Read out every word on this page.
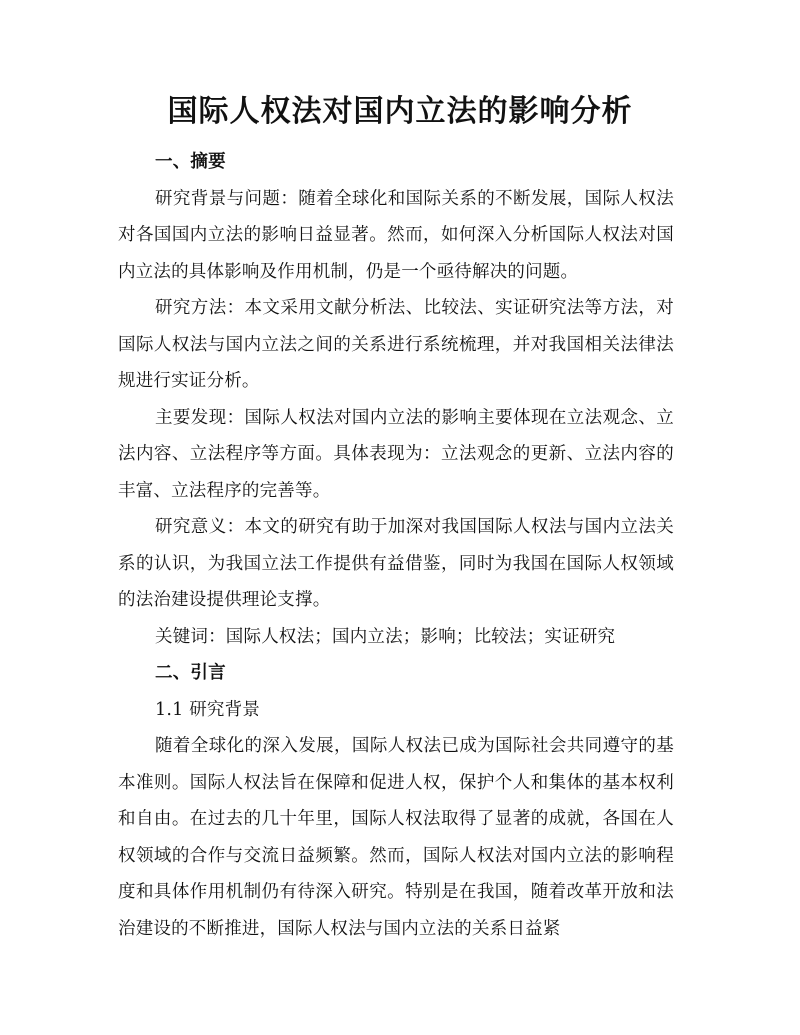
国际人权法对国内立法的影响分析

一、摘要

研究背景与问题：随着全球化和国际关系的不断发展，国际人权法对各国国内立法的影响日益显著。然而，如何深入分析国际人权法对国内立法的具体影响及作用机制，仍是一个亟待解决的问题。

研究方法：本文采用文献分析法、比较法、实证研究法等方法，对国际人权法与国内立法之间的关系进行系统梳理，并对我国相关法律法规进行实证分析。

主要发现：国际人权法对国内立法的影响主要体现在立法观念、立法内容、立法程序等方面。具体表现为：立法观念的更新、立法内容的丰富、立法程序的完善等。

研究意义：本文的研究有助于加深对我国国际人权法与国内立法关系的认识，为我国立法工作提供有益借鉴，同时为我国在国际人权领域的法治建设提供理论支撑。

关键词：国际人权法；国内立法；影响；比较法；实证研究

二、引言

1.1 研究背景

随着全球化的深入发展，国际人权法已成为国际社会共同遵守的基本准则。国际人权法旨在保障和促进人权，保护个人和集体的基本权利和自由。在过去的几十年里，国际人权法取得了显著的成就，各国在人权领域的合作与交流日益频繁。然而，国际人权法对国内立法的影响程度和具体作用机制仍有待深入研究。特别是在我国，随着改革开放和法治建设的不断推进，国际人权法与国内立法的关系日益紧
